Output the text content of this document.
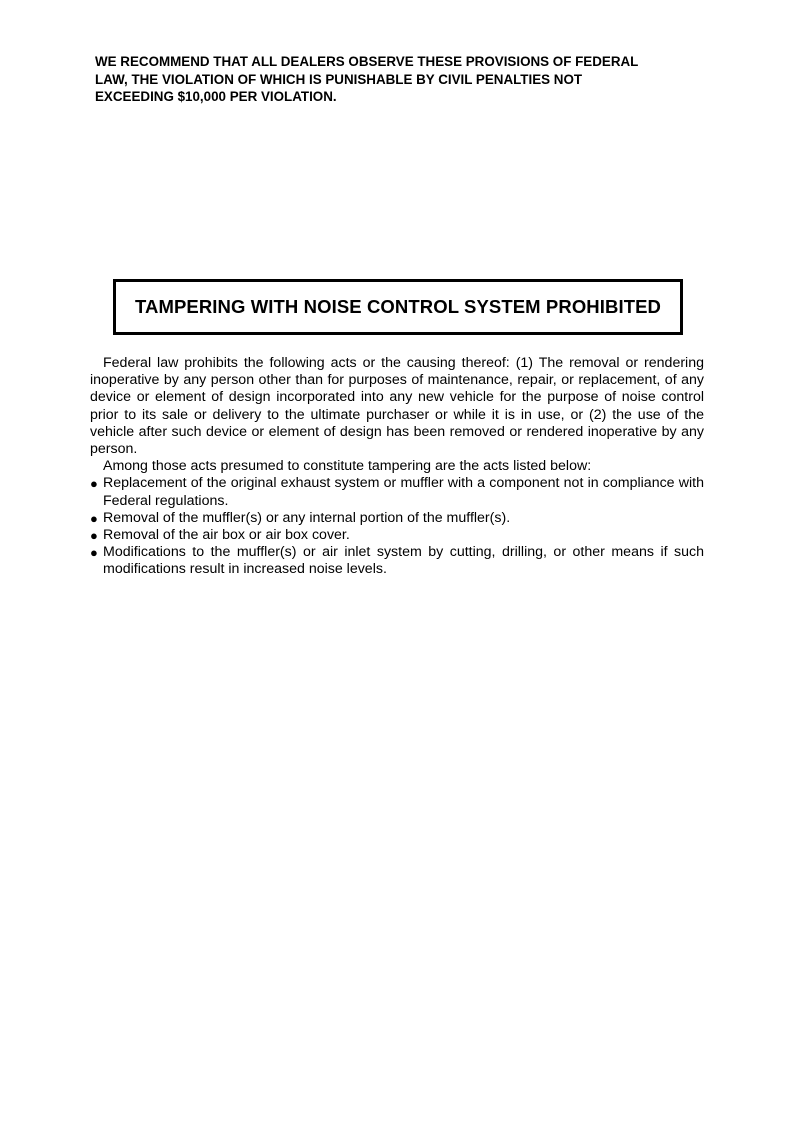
WE RECOMMEND THAT ALL DEALERS OBSERVE THESE PROVISIONS OF FEDERAL
LAW, THE VIOLATION OF WHICH IS PUNISHABLE BY CIVIL PENALTIES NOT
EXCEEDING $10,000 PER VIOLATION.
TAMPERING WITH NOISE CONTROL SYSTEM PROHIBITED

Federal law prohibits the following acts or the causing thereof: (1) The removal or rendering inoperative by any person other than for purposes of maintenance, repair, or replacement, of any device or element of design incorporated into any new vehicle for the purpose of noise control prior to its sale or delivery to the ultimate purchaser or while it is in use, or (2) the use of the vehicle after such device or element of design has been removed or rendered inoperative by any person.

Among those acts presumed to constitute tampering are the acts listed below:

● Replacement of the original exhaust system or muffler with a component not in compliance with Federal regulations.
● Removal of the muffler(s) or any internal portion of the muffler(s).
● Removal of the air box or air box cover.
● Modifications to the muffler(s) or air inlet system by cutting, drilling, or other means if such modifications result in increased noise levels.
